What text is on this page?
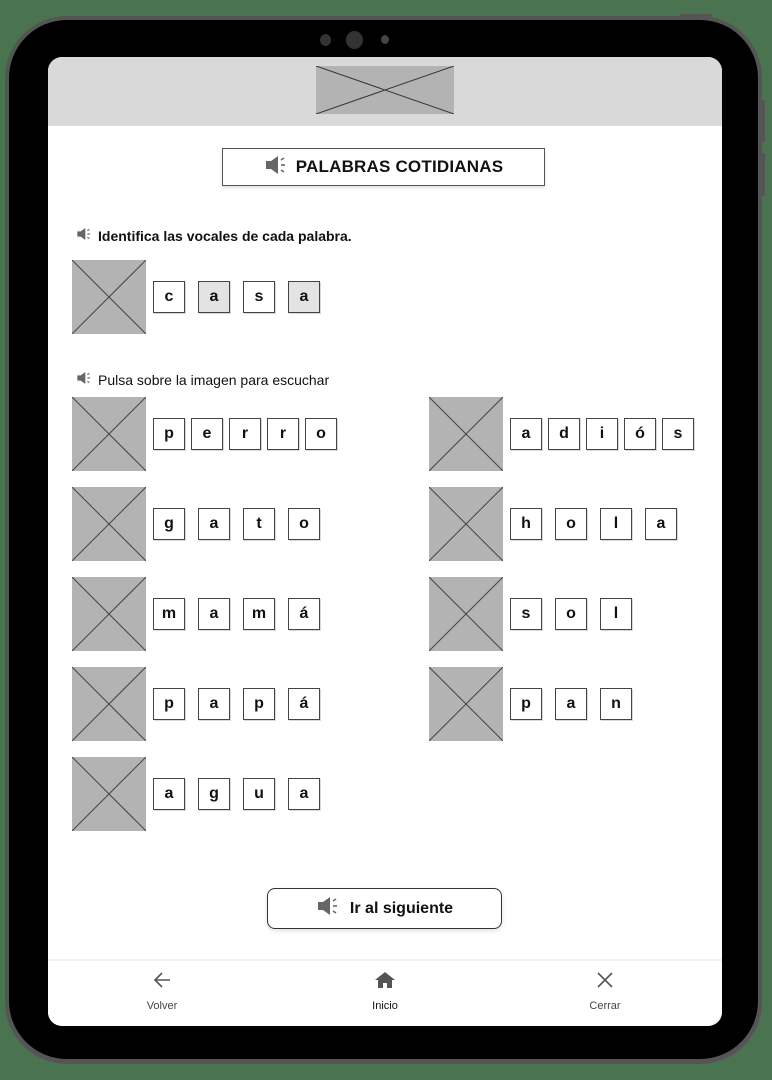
PALABRAS COTIDIANAS
Identifica las vocales de cada palabra.
c	a	s	a
Pulsa sobre la imagen para escuchar
p	e	r	r	o
g	a	t	o
m	a	m	á
p	a	p	á
a	g	u	a
a	d	i	ó	s
h	o	l	a
s	o	l
p	a	n
Ir al siguiente
Volver	Inicio	Cerrar
